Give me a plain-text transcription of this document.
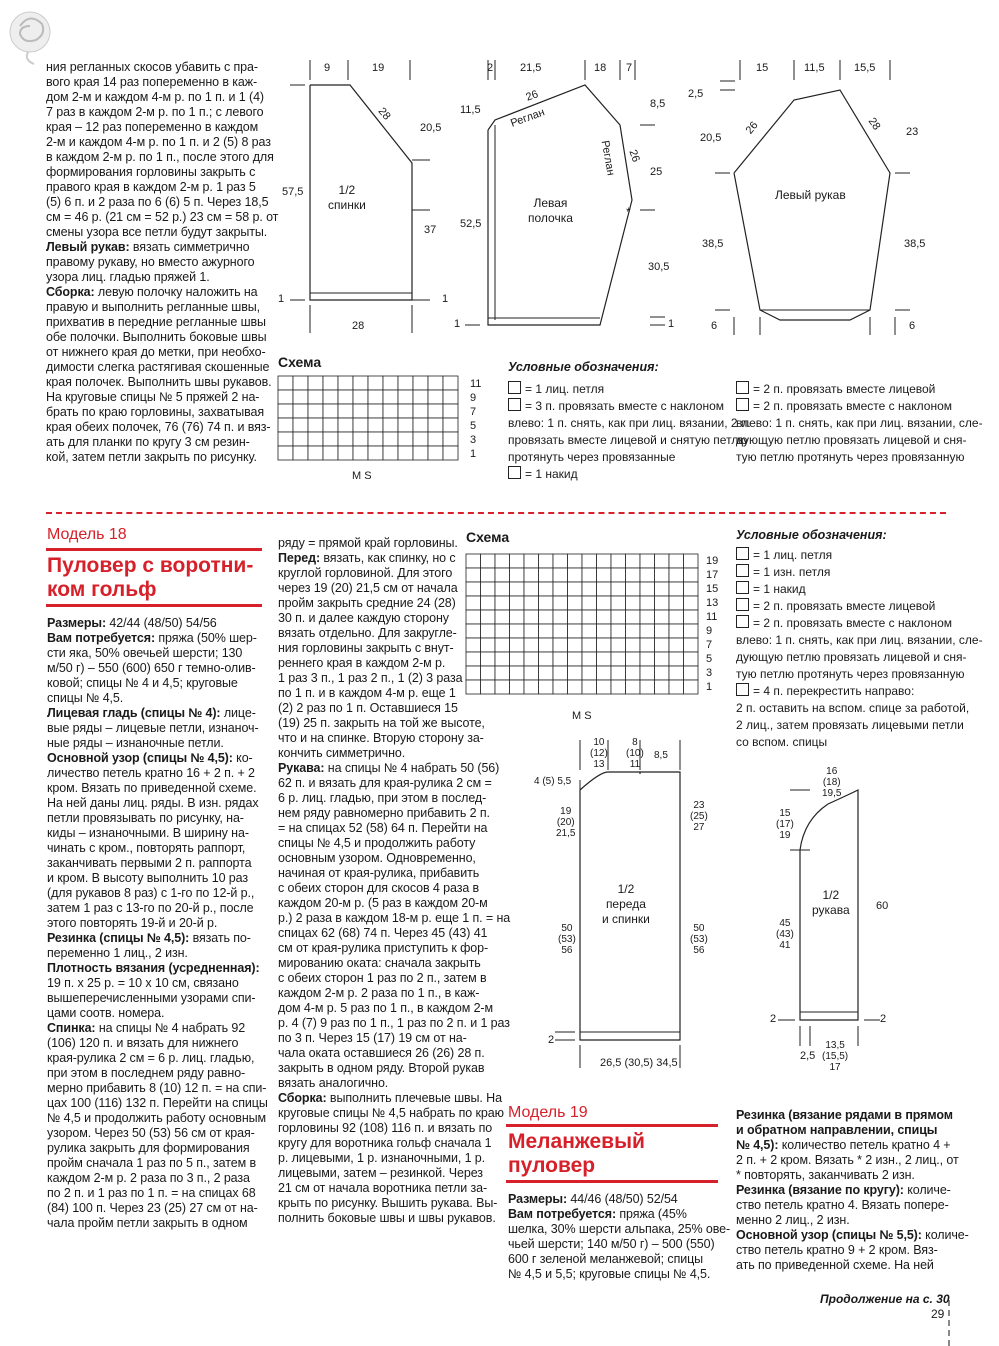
ния регланных скосов убавить с пра-

вого края 14 раз попеременно в каж-

дом 2-м и каждом 4-м р. по 1 п. и 1 (4)

7 раз в каждом 2-м р. по 1 п.; с левого

края – 12 раз попеременно в каждом

2-м и каждом 4-м р. по 1 п. и 2 (5) 8 раз

в каждом 2-м р. по 1 п., после этого для

формирования горловины закрыть с

правого края в каждом 2-м р. 1 раз 5

(5) 6 п. и 2 раза по 6 (6) 5 п. Через 18,5

см = 46 р. (21 см = 52 р.) 23 см = 58 р. от

смены узора все петли будут закрыты.

Левый рукав: вязать симметрично

правому рукаву, но вместо ажурного

узора лиц. гладью пряжей 1.

Сборка: левую полочку наложить на

правую и выполнить регланные швы,

прихватив в передние регланные швы

обе полочки. Выполнить боковые швы

от нижнего края до метки, при необхо-

димости слегка растягивая скошенные

края полочек. Выполнить швы рукавов.

На круговые спицы № 5 пряжей 2 на-

брать по краю горловины, захватывая

края обеих полочек, 76 (76) 74 п. и вяз-

ать для планки по кругу 3 см резин-

кой, затем петли закрыть по рисунку.

9	19
28
20,5
57,5
37
1/2
спинки
28
1	1
2 21,5	18 7
11,5
26
Реглан
Реглан 26
8,5
25
52,5
30,5
Левая
полочка
1	1
*
15	11,5	15,5
2,5
26	28
20,5	23
Левый рукав
38,5	38,5
6	6
Схема
11
9
7
5
3
1
M S
Условные обозначения:
= 1 лиц. петля
= 3 п. провязать вместе с наклоном
влево: 1 п. снять, как при лиц. вязании, 2 п.
провязать вместе лицевой и снятую петлю
протянуть через провязанные
= 1 накид
= 2 п. провязать вместе лицевой
= 2 п. провязать вместе с наклоном
влево: 1 п. снять, как при лиц. вязании, сле-
дующую петлю провязать лицевой и сня-
тую петлю протянуть через провязанную
Модель 18
Пуловер с воротни-
ком гольф

Размеры: 42/44 (48/50) 54/56

Вам потребуется: пряжа (50% шер-

сти яка, 50% овечьей шерсти; 130

м/50 г) – 550 (600) 650 г темно-олив-

ковой; спицы № 4 и 4,5; круговые

спицы № 4,5.

Лицевая гладь (спицы № 4): лице-

вые ряды – лицевые петли, изнаноч-

ные ряды – изнаночные петли.

Основной узор (спицы № 4,5): ко-

личество петель кратно 16 + 2 п. + 2

кром. Вязать по приведенной схеме.

На ней даны лиц. ряды. В изн. рядах

петли провязывать по рисунку, на-

киды – изнаночными. В ширину на-

чинать с кром., повторять раппорт,

заканчивать первыми 2 п. раппорта

и кром. В высоту выполнить 10 раз

(для рукавов 8 раз) с 1-го по 12-й р.,

затем 1 раз с 13-го по 20-й р., после

этого повторять 19-й и 20-й р.

Резинка (спицы № 4,5): вязать по-

переменно 1 лиц., 2 изн.

Плотность вязания (усредненная):

19 п. х 25 р. = 10 х 10 см, связано

вышеперечисленными узорами спи-

цами соотв. номера.

Спинка: на спицы № 4 набрать 92

(106) 120 п. и вязать для нижнего

края-рулика 2 см = 6 р. лиц. гладью,

при этом в последнем ряду равно-

мерно прибавить 8 (10) 12 п. = на спи-

цах 100 (116) 132 п. Перейти на спицы

№ 4,5 и продолжить работу основным

узором. Через 50 (53) 56 см от края-

рулика закрыть для формирования

пройм сначала 1 раз по 5 п., затем в

каждом 2-м р. 2 раза по 3 п., 2 раза

по 2 п. и 1 раз по 1 п. = на спицах 68

(84) 100 п. Через 23 (25) 27 см от на-

чала пройм петли закрыть в одном

ряду = прямой край горловины.

Перед: вязать, как спинку, но с

круглой горловиной. Для этого

через 19 (20) 21,5 см от начала

пройм закрыть средние 24 (28)

30 п. и далее каждую сторону

вязать отдельно. Для закругле-

ния горловины закрыть с внут-

реннего края в каждом 2-м р.

1 раз 3 п., 1 раз 2 п., 1 (2) 3 раза

по 1 п. и в каждом 4-м р. еще 1

(2) 2 раз по 1 п. Оставшиеся 15

(19) 25 п. закрыть на той же высоте,

что и на спинке. Вторую сторону за-

кончить симметрично.

Рукава: на спицы № 4 набрать 50 (56)

62 п. и вязать для края-рулика 2 см =

6 р. лиц. гладью, при этом в послед-

нем ряду равномерно прибавить 2 п.

= на спицах 52 (58) 64 п. Перейти на

спицы № 4,5 и продолжить работу

основным узором. Одновременно,

начиная от края-рулика, прибавить

с обеих сторон для скосов 4 раза в

каждом 20-м р. (5 раз в каждом 20-м

р.) 2 раза в каждом 18-м р. еще 1 п. = на

спицах 62 (68) 74 п. Через 45 (43) 41

см от края-рулика приступить к фор-

мированию оката: сначала закрыть

с обеих сторон 1 раз по 2 п., затем в

каждом 2-м р. 2 раза по 1 п., в каж-

дом 4-м р. 5 раз по 1 п., в каждом 2-м

р. 4 (7) 9 раз по 1 п., 1 раз по 2 п. и 1 раз

по 3 п. Через 15 (17) 19 см от на-

чала оката оставшиеся 26 (26) 28 п.

закрыть в одном ряду. Второй рукав

вязать аналогично.

Сборка: выполнить плечевые швы. На

круговые спицы № 4,5 набрать по краю

горловины 92 (108) 116 п. и вязать по

кругу для воротника гольф сначала 1

р. лицевыми, 1 р. изнаночными, 1 р.

лицевыми, затем – резинкой. Через

21 см от начала воротника петли за-

крыть по рисунку. Вышить рукава. Вы-

полнить боковые швы и швы рукавов.

Схема
19
17
15
13
11
9
7
5
3
1
M S
Условные обозначения:
= 1 лиц. петля
= 1 изн. петля
= 1 накид
= 2 п. провязать вместе лицевой
= 2 п. провязать вместе с наклоном
влево: 1 п. снять, как при лиц. вязании, сле-
дующую петлю провязать лицевой и сня-
тую петлю протянуть через провязанную
= 4 п. перекрестить направо:
2 п. оставить на вспом. спице за работой,
2 лиц., затем провязать лицевыми петли
со вспом. спицы
10
(12)
13
8
(10)
11
8,5
4 (5) 5,5
19
(20)
21,5
23
(25)
27
1/2
переда
и спинки
50
(53)
56
50
(53)
56
2
26,5 (30,5) 34,5
16
(18)
19,5
15
(17)
19
60
1/2
рукава
45
(43)
41
2	2
2,5
13,5
(15,5)
17
Модель 19
Меланжевый
пуловер

Размеры: 44/46 (48/50) 52/54

Вам потребуется: пряжа (45%

шелка, 30% шерсти альпака, 25% ове-

чьей шерсти; 140 м/50 г) – 500 (550)

600 г зеленой меланжевой; спицы

№ 4,5 и 5,5; круговые спицы № 4,5.

Резинка (вязание рядами в прямом

и обратном направлении, спицы

№ 4,5): количество петель кратно 4 +

2 п. + 2 кром. Вязать * 2 изн., 2 лиц., от

* повторять, заканчивать 2 изн.

Резинка (вязание по кругу): количе-

ство петель кратно 4. Вязать попере-

менно 2 лиц., 2 изн.

Основной узор (спицы № 5,5): количе-

ство петель кратно 9 + 2 кром. Вяз-

ать по приведенной схеме. На ней

Продолжение на с. 30
29
